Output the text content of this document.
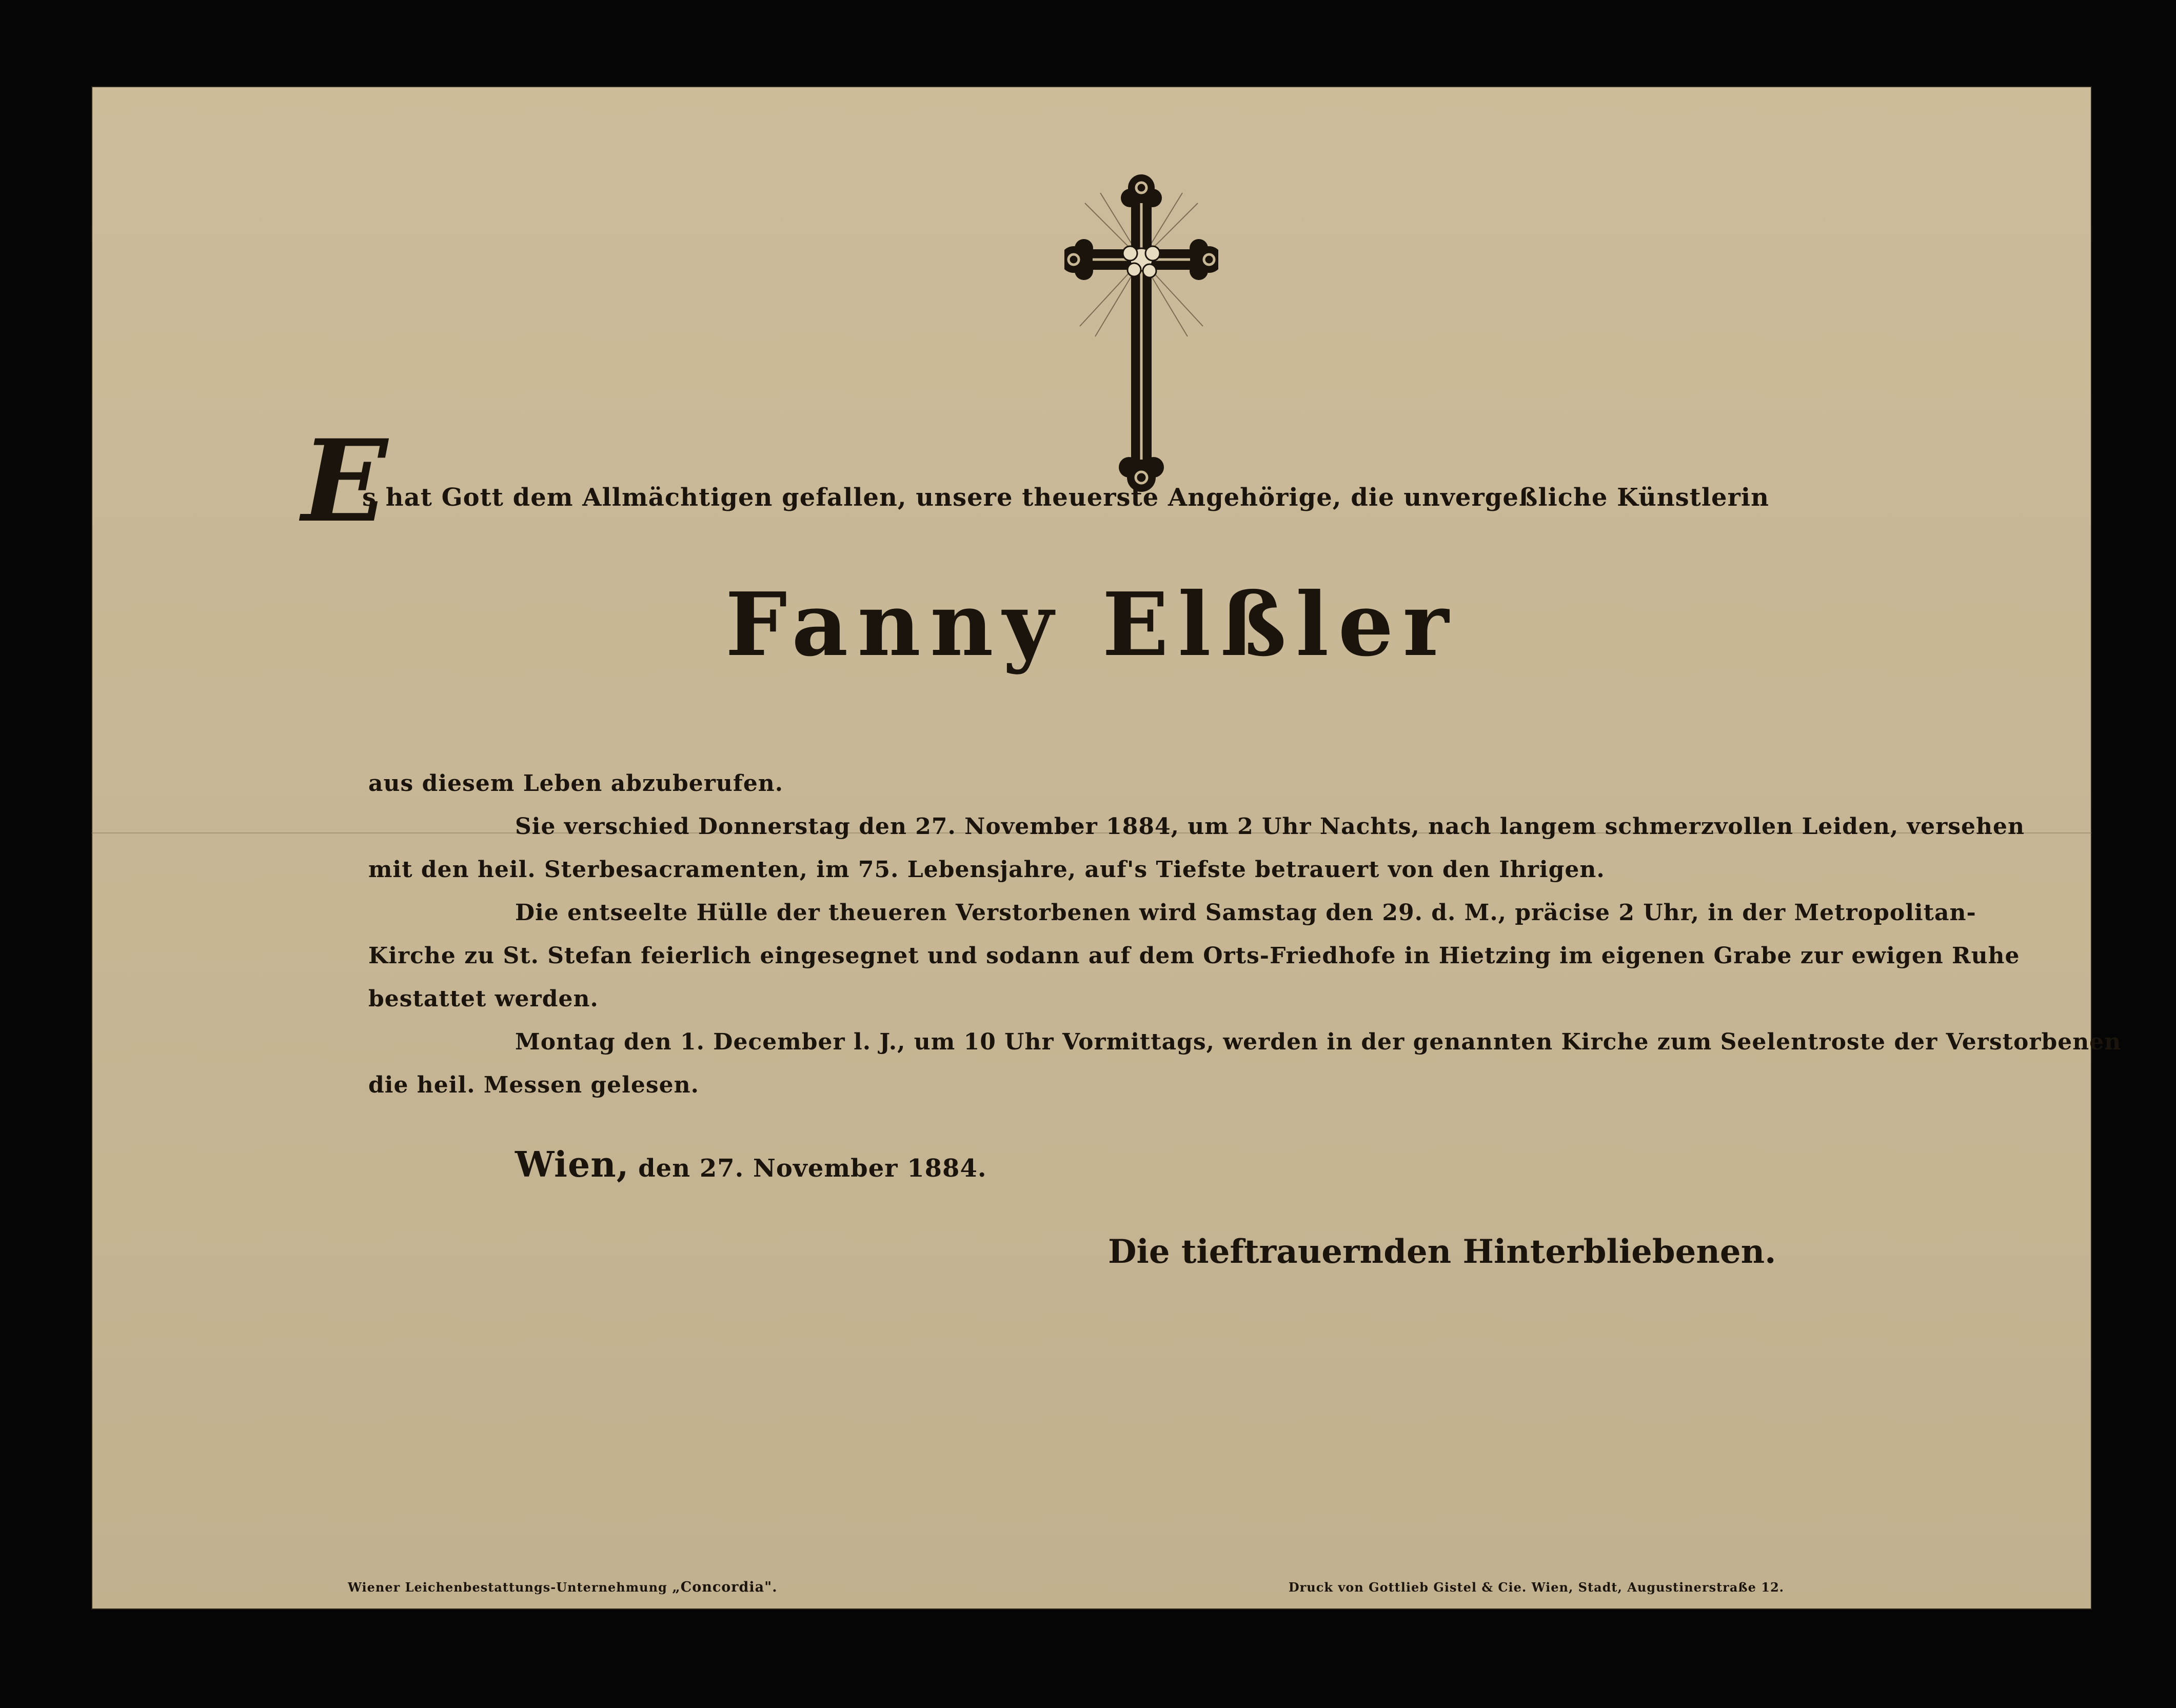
E
s hat Gott dem Allmächtigen gefallen, unsere theuerste Angehörige, die unvergeßliche Künstlerin
Fanny Elßler
aus diesem Leben abzuberufen.
Sie verschied Donnerstag den 27. November 1884, um 2 Uhr Nachts, nach langem schmerzvollen Leiden, versehen
mit den heil. Sterbesacramenten, im 75. Lebensjahre, auf's Tiefste betrauert von den Ihrigen.
Die entseelte Hülle der theueren Verstorbenen wird Samstag den 29. d. M., präcise 2 Uhr, in der Metropolitan-
Kirche zu St. Stefan feierlich eingesegnet und sodann auf dem Orts-Friedhofe in Hietzing im eigenen Grabe zur ewigen Ruhe
bestattet werden.
Montag den 1. December l. J., um 10 Uhr Vormittags, werden in der genannten Kirche zum Seelentroste der Verstorbenen
die heil. Messen gelesen.
Wien, den 27. November 1884.
Die tieftrauernden Hinterbliebenen.
Wiener Leichenbestattungs-Unternehmung „Concordia".	Druck von Gottlieb Gistel & Cie. Wien, Stadt, Augustinerstraße 12.
